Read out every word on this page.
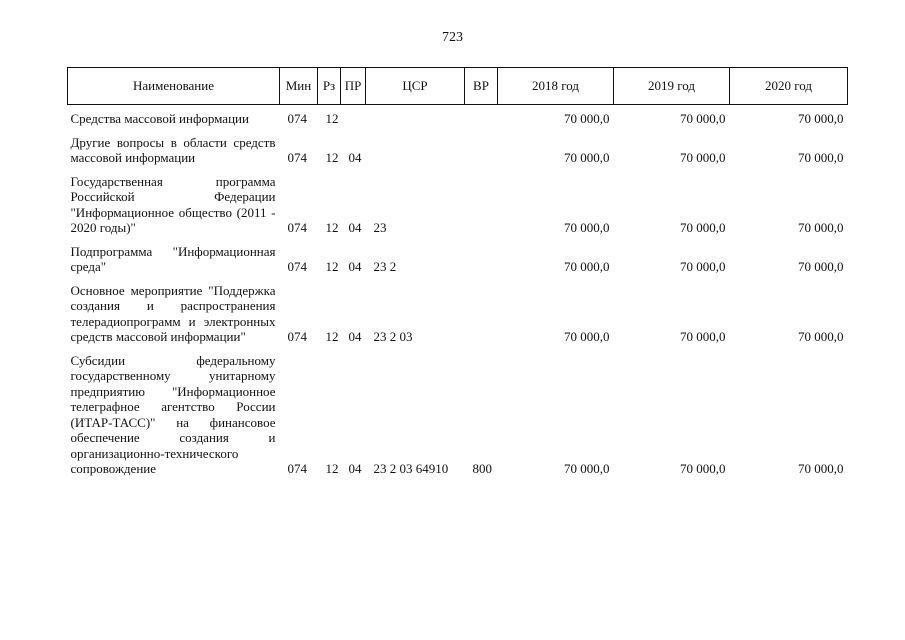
723
Наименование	Мин	Рз	ПР	ЦСР	ВР	2018 год	2019 год	2020 год
Средства массовой информации	074	12				70 000,0	70 000,0	70 000,0
Другие вопросы в области средств массовой информации	074	12	04			70 000,0	70 000,0	70 000,0
Государственная программа Российской Федерации "Информационное общество (2011 - 2020 годы)"	074	12	04	23		70 000,0	70 000,0	70 000,0
Подпрограмма "Информационная среда"	074	12	04	23 2		70 000,0	70 000,0	70 000,0
Основное мероприятие "Поддержка создания и распространения телерадиопрограмм и электронных средств массовой информации"	074	12	04	23 2 03		70 000,0	70 000,0	70 000,0
Субсидии федеральному государственному унитарному предприятию "Информационное телеграфное агентство России (ИТАР-ТАСС)" на финансовое обеспечение создания и организационно-технического сопровождение	074	12	04	23 2 03 64910	800	70 000,0	70 000,0	70 000,0
